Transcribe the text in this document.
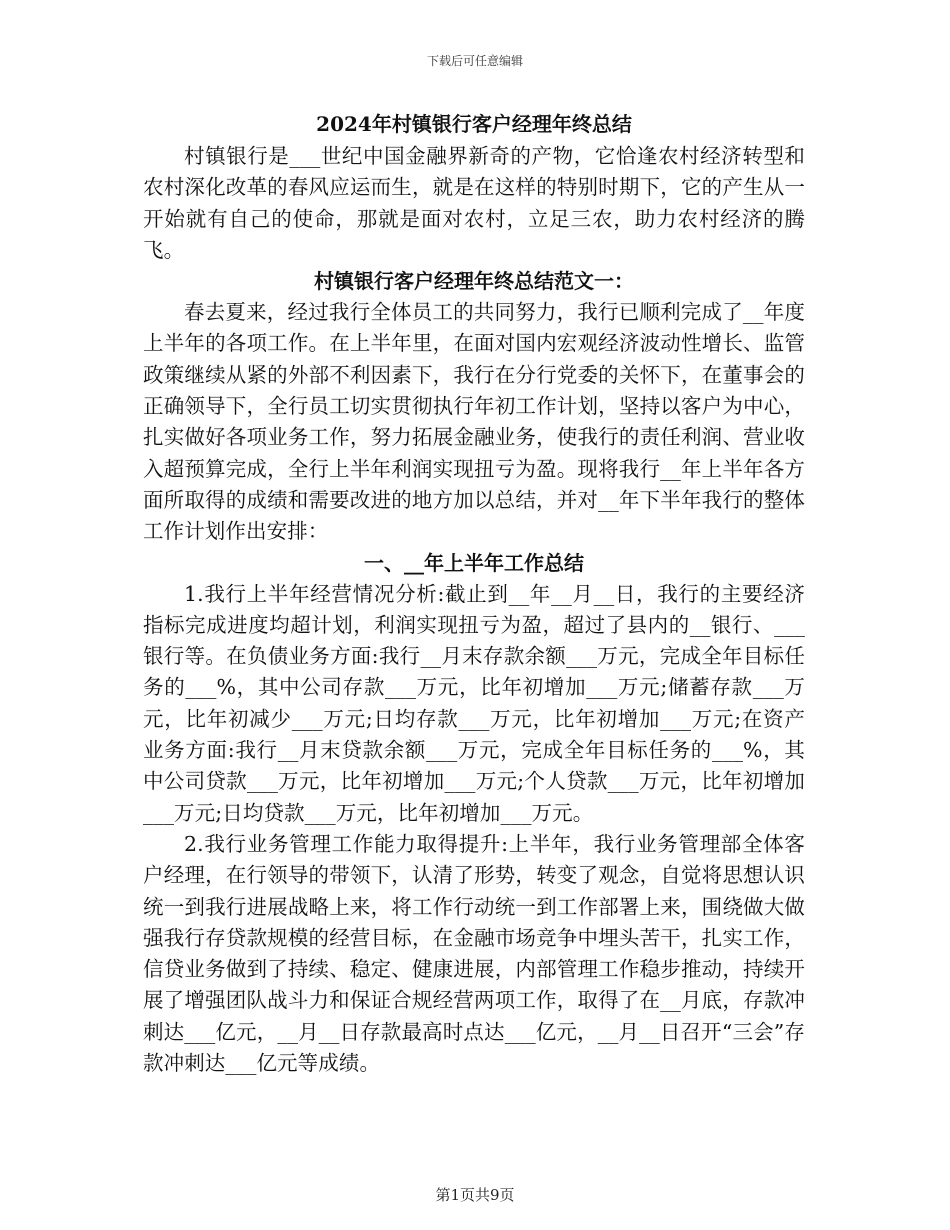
下载后可任意编辑
2024年村镇银行客户经理年终总结

村镇银行是___世纪中国金融界新奇的产物，它恰逢农村经济转型和农村深化改革的春风应运而生，就是在这样的特别时期下，它的产生从一开始就有自己的使命，那就是面对农村，立足三农，助力农村经济的腾飞。

村镇银行客户经理年终总结范文一：

春去夏来，经过我行全体员工的共同努力，我行已顺利完成了__年度上半年的各项工作。在上半年里，在面对国内宏观经济波动性增长、监管政策继续从紧的外部不利因素下，我行在分行党委的关怀下，在董事会的正确领导下，全行员工切实贯彻执行年初工作计划，坚持以客户为中心，扎实做好各项业务工作，努力拓展金融业务，使我行的责任利润、营业收入超预算完成，全行上半年利润实现扭亏为盈。现将我行__年上半年各方面所取得的成绩和需要改进的地方加以总结，并对__年下半年我行的整体工作计划作出安排：

一、__年上半年工作总结

1.我行上半年经营情况分析:截止到__年__月__日，我行的主要经济指标完成进度均超计划，利润实现扭亏为盈，超过了县内的__银行、___银行等。在负债业务方面:我行__月末存款余额___万元，完成全年目标任务的___%，其中公司存款___万元，比年初增加___万元;储蓄存款___万元，比年初减少___万元;日均存款___万元，比年初增加___万元;在资产业务方面:我行__月末贷款余额___万元，完成全年目标任务的___%，其中公司贷款___万元，比年初增加___万元;个人贷款___万元，比年初增加___万元;日均贷款___万元，比年初增加___万元。

2.我行业务管理工作能力取得提升:上半年，我行业务管理部全体客户经理，在行领导的带领下，认清了形势，转变了观念，自觉将思想认识统一到我行进展战略上来，将工作行动统一到工作部署上来，围绕做大做强我行存贷款规模的经营目标，在金融市场竞争中埋头苦干，扎实工作，信贷业务做到了持续、稳定、健康进展，内部管理工作稳步推动，持续开展了增强团队战斗力和保证合规经营两项工作，取得了在__月底，存款冲刺达___亿元，__月__日存款最高时点达___亿元，__月__日召开“三会”存款冲刺达___亿元等成绩。

第1页共9页
